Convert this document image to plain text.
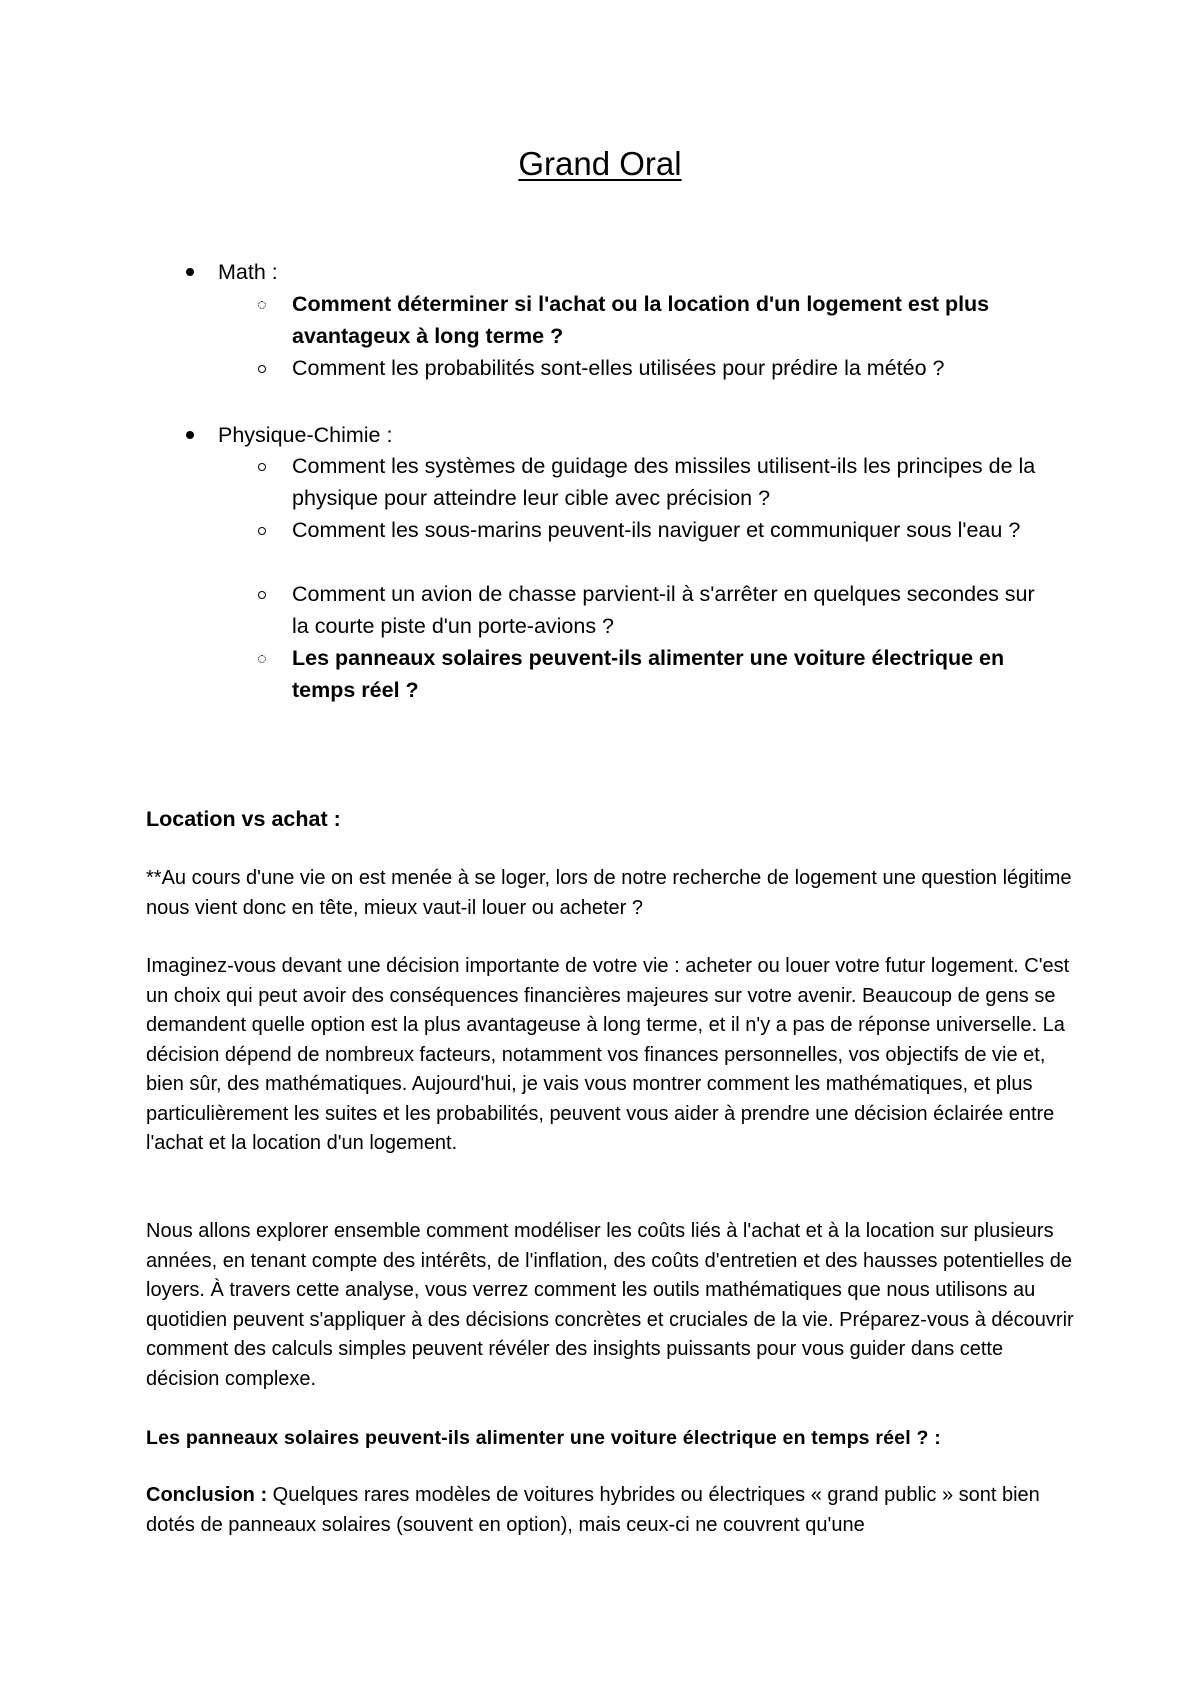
Grand Oral
Math :
Comment déterminer si l'achat ou la location d'un logement est plus avantageux à long terme ?
Comment les probabilités sont-elles utilisées pour prédire la météo ?
Physique-Chimie :
Comment les systèmes de guidage des missiles utilisent-ils les principes de la physique pour atteindre leur cible avec précision ?
Comment les sous-marins peuvent-ils naviguer et communiquer sous l'eau ?
Comment un avion de chasse parvient-il à s'arrêter en quelques secondes sur la courte piste d'un porte-avions ?
Les panneaux solaires peuvent-ils alimenter une voiture électrique en temps réel ?
Location vs achat :
**Au cours d'une vie on est menée à se loger, lors de notre recherche de logement une question légitime nous vient donc en tête, mieux vaut-il louer ou acheter ?
Imaginez-vous devant une décision importante de votre vie : acheter ou louer votre futur logement. C'est un choix qui peut avoir des conséquences financières majeures sur votre avenir. Beaucoup de gens se demandent quelle option est la plus avantageuse à long terme, et il n'y a pas de réponse universelle. La décision dépend de nombreux facteurs, notamment vos finances personnelles, vos objectifs de vie et, bien sûr, des mathématiques. Aujourd'hui, je vais vous montrer comment les mathématiques, et plus particulièrement les suites et les probabilités, peuvent vous aider à prendre une décision éclairée entre l'achat et la location d'un logement.
Nous allons explorer ensemble comment modéliser les coûts liés à l'achat et à la location sur plusieurs années, en tenant compte des intérêts, de l'inflation, des coûts d'entretien et des hausses potentielles de loyers. À travers cette analyse, vous verrez comment les outils mathématiques que nous utilisons au quotidien peuvent s'appliquer à des décisions concrètes et cruciales de la vie. Préparez-vous à découvrir comment des calculs simples peuvent révéler des insights puissants pour vous guider dans cette décision complexe.
Les panneaux solaires peuvent-ils alimenter une voiture électrique en temps réel ? :
Conclusion : Quelques rares modèles de voitures hybrides ou électriques « grand public » sont bien dotés de panneaux solaires (souvent en option), mais ceux-ci ne couvrent qu'une
